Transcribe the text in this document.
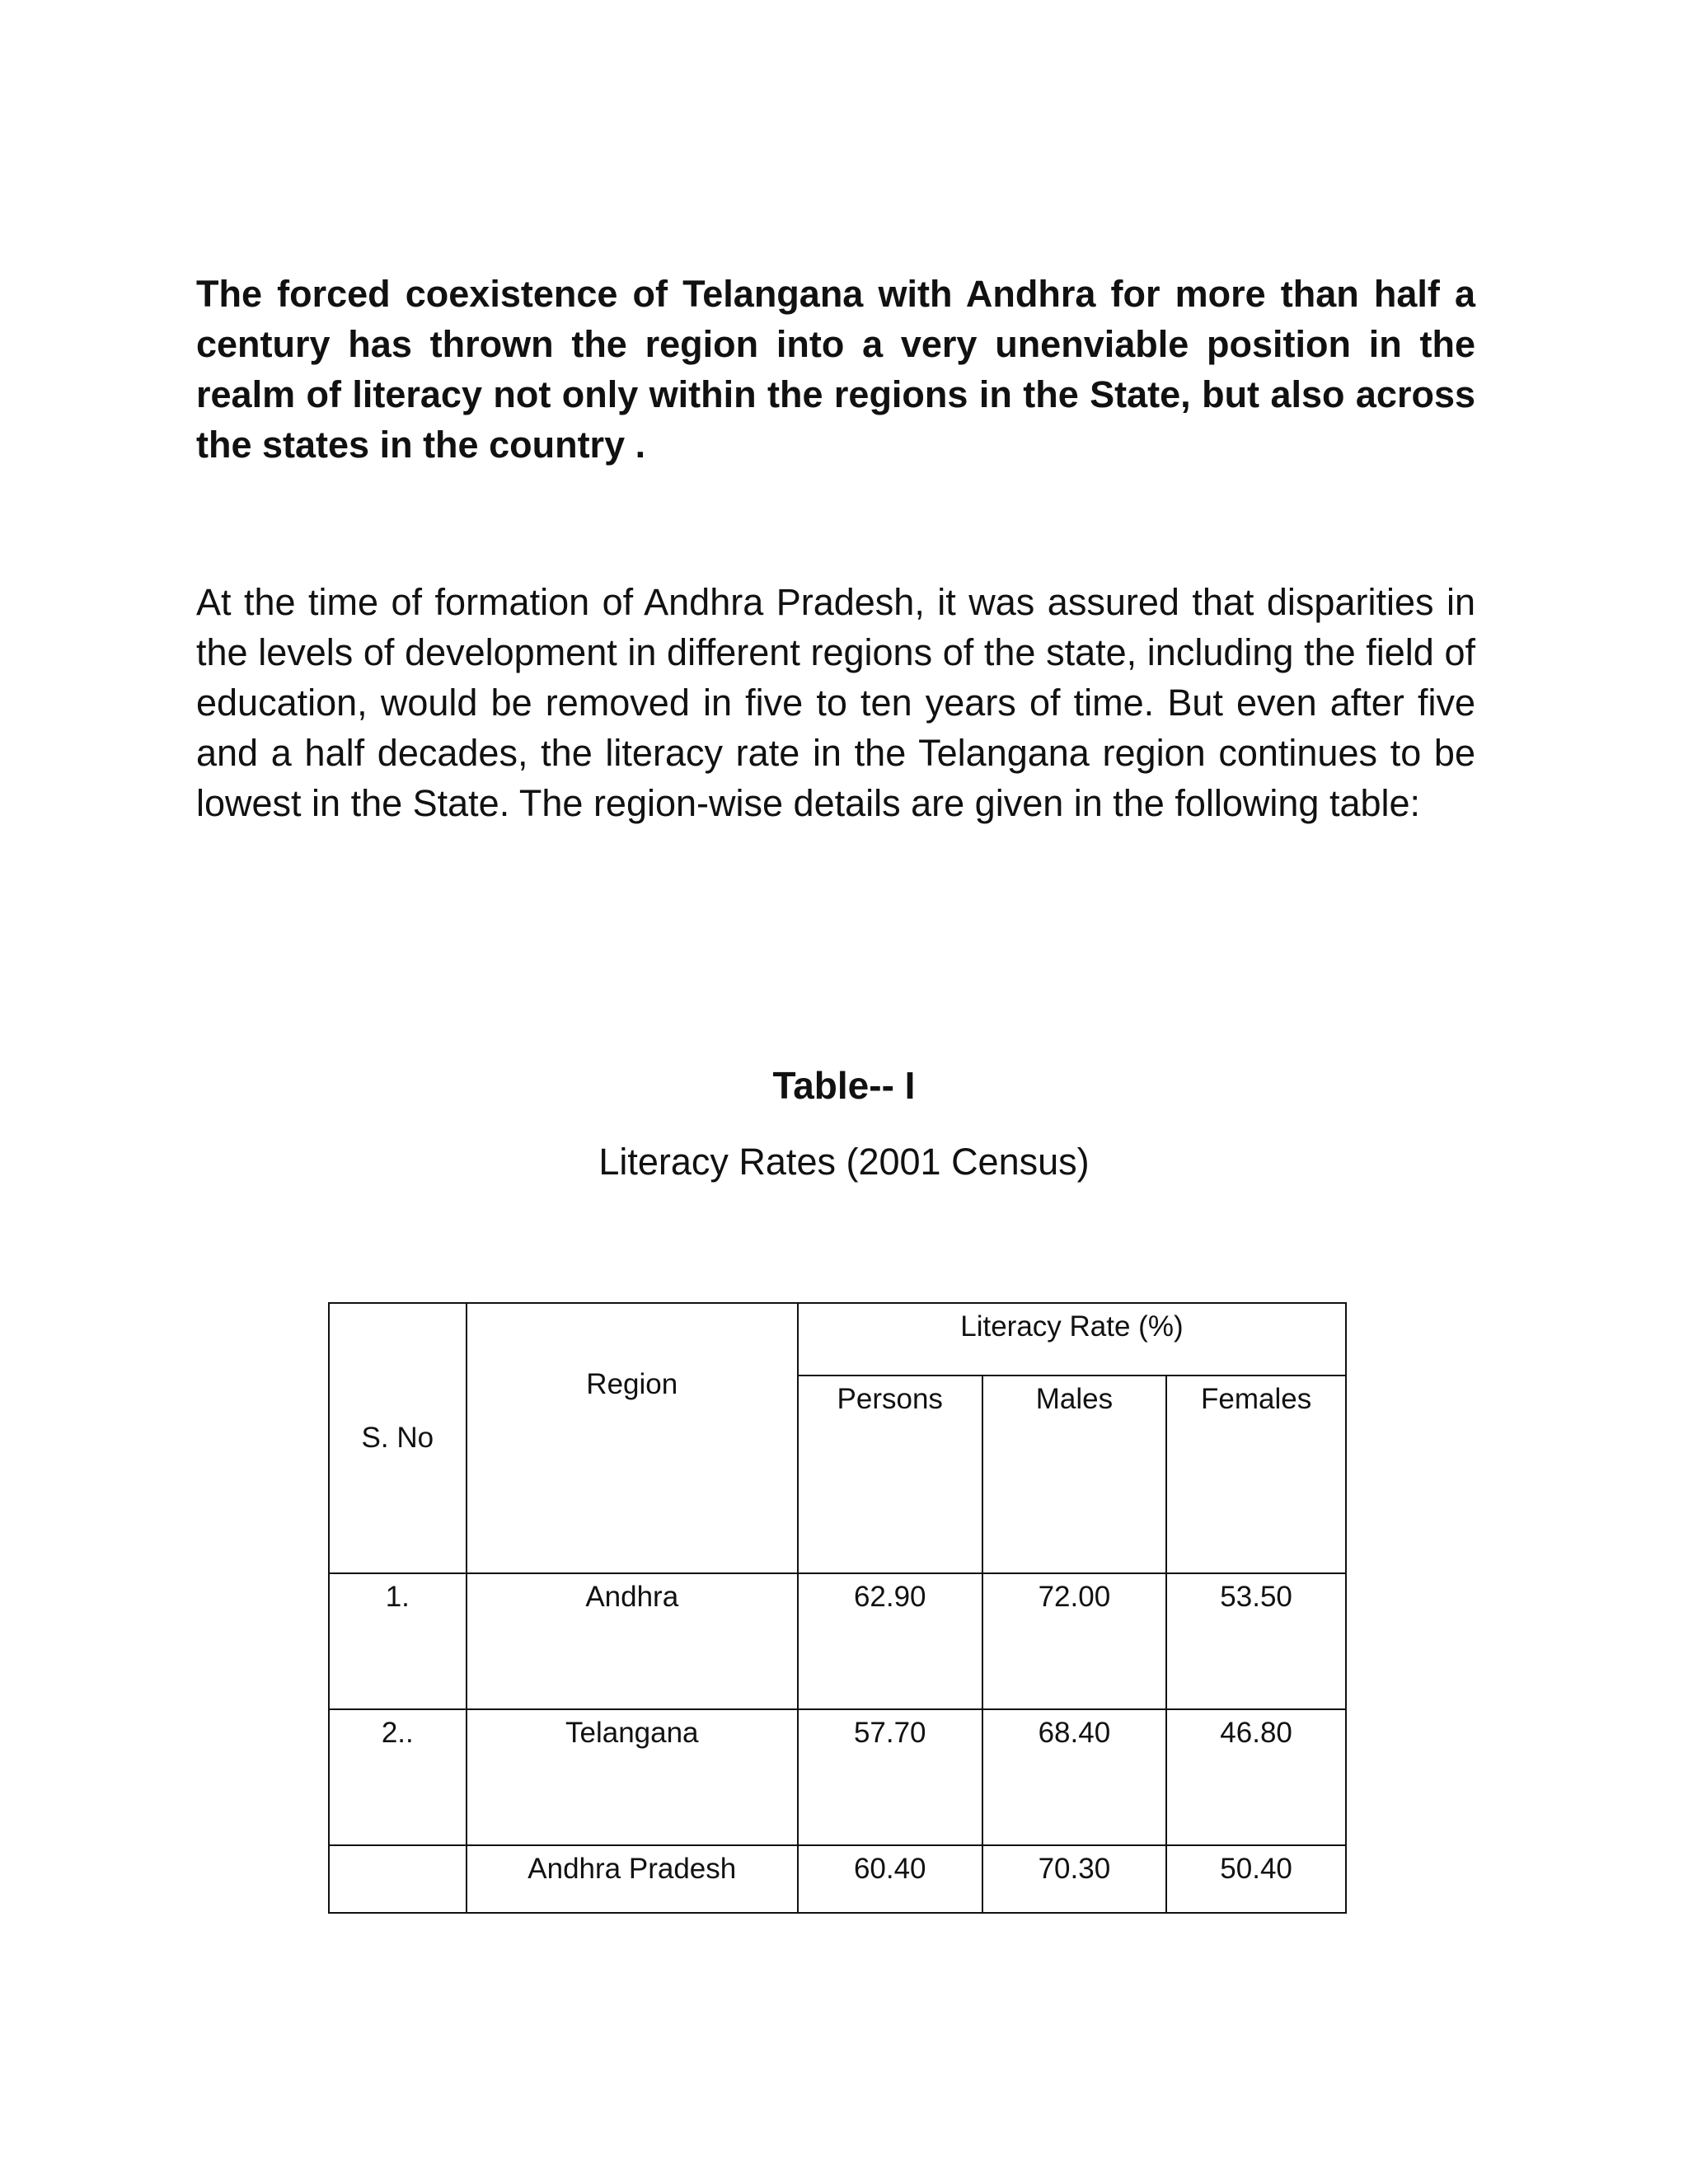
The forced coexistence of Telangana with Andhra for more than half a century has thrown the region into a very unenviable position in the realm of literacy not only within the regions in the State, but also across the states in the country .

At the time of formation of Andhra Pradesh, it was assured that disparities in the levels of development in different regions of the state, including the field of education, would be removed in five to ten years of time. But even after five and a half decades, the literacy rate in the Telangana region continues to be lowest in the State. The region-wise details are given in the following table:

Table-- I

Literacy Rates (2001 Census)

S. No	Region	Literacy Rate (%)		

		Persons	Males	Females

1.	Andhra	62.90	72.00	53.50

2..	Telangana	57.70	68.40	46.80

	Andhra Pradesh	60.40	70.30	50.40
